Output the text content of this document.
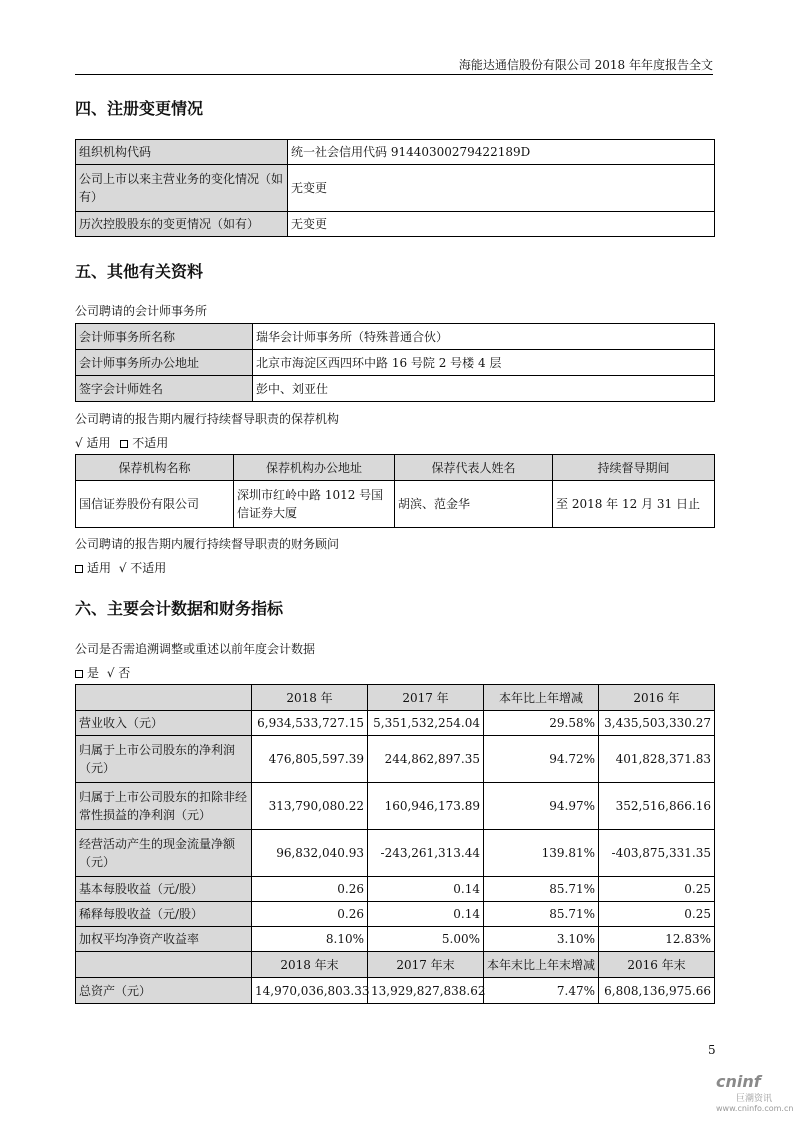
海能达通信股份有限公司 2018 年年度报告全文
四、注册变更情况
组织机构代码	统一社会信用代码 91440300279422189D
公司上市以来主营业务的变化情况（如有）	无变更
历次控股股东的变更情况（如有）	无变更
五、其他有关资料
公司聘请的会计师事务所
会计师事务所名称	瑞华会计师事务所（特殊普通合伙）
会计师事务所办公地址	北京市海淀区西四环中路 16 号院 2 号楼 4 层
签字会计师姓名	彭中、刘亚仕
公司聘请的报告期内履行持续督导职责的保荐机构
√ 适用 不适用
保荐机构名称	保荐机构办公地址	保荐代表人姓名	持续督导期间
国信证券股份有限公司	深圳市红岭中路 1012 号国信证券大厦	胡滨、范金华	至 2018 年 12 月 31 日止
公司聘请的报告期内履行持续督导职责的财务顾问
适用 √ 不适用
六、主要会计数据和财务指标
公司是否需追溯调整或重述以前年度会计数据
是 √ 否
	2018 年	2017 年	本年比上年增减	2016 年
营业收入（元）	6,934,533,727.15	5,351,532,254.04	29.58%	3,435,503,330.27
归属于上市公司股东的净利润（元）	476,805,597.39	244,862,897.35	94.72%	401,828,371.83
归属于上市公司股东的扣除非经常性损益的净利润（元）	313,790,080.22	160,946,173.89	94.97%	352,516,866.16
经营活动产生的现金流量净额（元）	96,832,040.93	-243,261,313.44	139.81%	-403,875,331.35
基本每股收益（元/股）	0.26	0.14	85.71%	0.25
稀释每股收益（元/股）	0.26	0.14	85.71%	0.25
加权平均净资产收益率	8.10%	5.00%	3.10%	12.83%
	2018 年末	2017 年末	本年末比上年末增减	2016 年末
总资产（元）	14,970,036,803.33	13,929,827,838.62	7.47%	6,808,136,975.66
5
cninf
巨潮资讯
www.cninfo.com.cn
